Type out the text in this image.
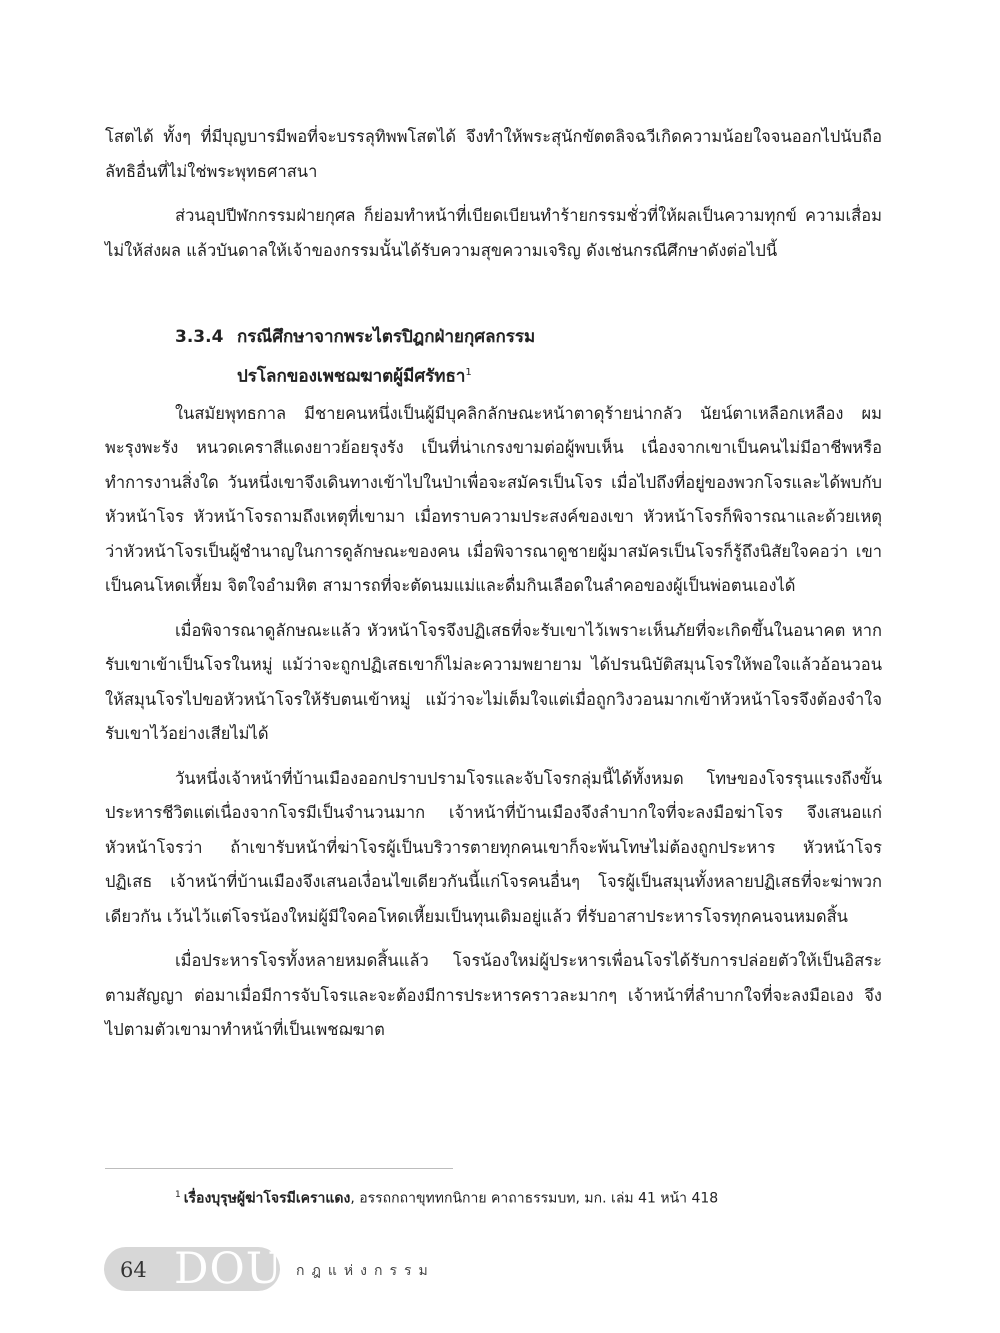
โสตได้ ทั้งๆ ที่มีบุญบารมีพอที่จะบรรลุทิพพโสตได้ จึงทำให้พระสุนักขัตตลิจฉวีเกิดความน้อยใจจนออกไปนับถือลัทธิอื่นที่ไม่ใช่พระพุทธศาสนา

ส่วนอุปปีฬกกรรมฝ่ายกุศล ก็ย่อมทำหน้าที่เบียดเบียนทำร้ายกรรมชั่วที่ให้ผลเป็นความทุกข์ ความเสื่อมไม่ให้ส่งผล แล้วบันดาลให้เจ้าของกรรมนั้นได้รับความสุขความเจริญ ดังเช่นกรณีศึกษาดังต่อไปนี้

3.3.4 กรณีศึกษาจากพระไตรปิฎกฝ่ายกุศลกรรม
ปรโลกของเพชฌฆาตผู้มีศรัทธา$^1$

ในสมัยพุทธกาล มีชายคนหนึ่งเป็นผู้มีบุคลิกลักษณะหน้าตาดุร้ายน่ากลัว นัยน์ตาเหลือกเหลือง ผมพะรุงพะรัง หนวดเคราสีแดงยาวย้อยรุงรัง เป็นที่น่าเกรงขามต่อผู้พบเห็น เนื่องจากเขาเป็นคนไม่มีอาชีพหรือทำการงานสิ่งใด วันหนึ่งเขาจึงเดินทางเข้าไปในป่าเพื่อจะสมัครเป็นโจร เมื่อไปถึงที่อยู่ของพวกโจรและได้พบกับหัวหน้าโจร หัวหน้าโจรถามถึงเหตุที่เขามา เมื่อทราบความประสงค์ของเขา หัวหน้าโจรก็พิจารณาและด้วยเหตุว่าหัวหน้าโจรเป็นผู้ชำนาญในการดูลักษณะของคน เมื่อพิจารณาดูชายผู้มาสมัครเป็นโจรก็รู้ถึงนิสัยใจคอว่า เขาเป็นคนโหดเหี้ยม จิตใจอำมหิต สามารถที่จะตัดนมแม่และดื่มกินเลือดในลำคอของผู้เป็นพ่อตนเองได้

เมื่อพิจารณาดูลักษณะแล้ว หัวหน้าโจรจึงปฏิเสธที่จะรับเขาไว้เพราะเห็นภัยที่จะเกิดขึ้นในอนาคต หากรับเขาเข้าเป็นโจรในหมู่ แม้ว่าจะถูกปฏิเสธเขาก็ไม่ละความพยายาม ได้ปรนนิบัติสมุนโจรให้พอใจแล้วอ้อนวอนให้สมุนโจรไปขอหัวหน้าโจรให้รับตนเข้าหมู่ แม้ว่าจะไม่เต็มใจแต่เมื่อถูกวิงวอนมากเข้าหัวหน้าโจรจึงต้องจำใจรับเขาไว้อย่างเสียไม่ได้

วันหนึ่งเจ้าหน้าที่บ้านเมืองออกปราบปรามโจรและจับโจรกลุ่มนี้ได้ทั้งหมด โทษของโจรรุนแรงถึงขั้นประหารชีวิตแต่เนื่องจากโจรมีเป็นจำนวนมาก เจ้าหน้าที่บ้านเมืองจึงลำบากใจที่จะลงมือฆ่าโจร จึงเสนอแก่หัวหน้าโจรว่า ถ้าเขารับหน้าที่ฆ่าโจรผู้เป็นบริวารตายทุกคนเขาก็จะพ้นโทษไม่ต้องถูกประหาร หัวหน้าโจรปฏิเสธ เจ้าหน้าที่บ้านเมืองจึงเสนอเงื่อนไขเดียวกันนี้แก่โจรคนอื่นๆ โจรผู้เป็นสมุนทั้งหลายปฏิเสธที่จะฆ่าพวกเดียวกัน เว้นไว้แต่โจรน้องใหม่ผู้มีใจคอโหดเหี้ยมเป็นทุนเดิมอยู่แล้ว ที่รับอาสาประหารโจรทุกคนจนหมดสิ้น

เมื่อประหารโจรทั้งหลายหมดสิ้นแล้ว โจรน้องใหม่ผู้ประหารเพื่อนโจรได้รับการปล่อยตัวให้เป็นอิสระตามสัญญา ต่อมาเมื่อมีการจับโจรและจะต้องมีการประหารคราวละมากๆ เจ้าหน้าที่ลำบากใจที่จะลงมือเอง จึงไปตามตัวเขามาทำหน้าที่เป็นเพชฌฆาต

$^1$ เรื่องบุรุษผู้ฆ่าโจรมีเคราแดง, อรรถกถาขุททกนิกาย คาถาธรรมบท, มก. เล่ม 41 หน้า 418
64 DOU กฎแห่งกรรม
